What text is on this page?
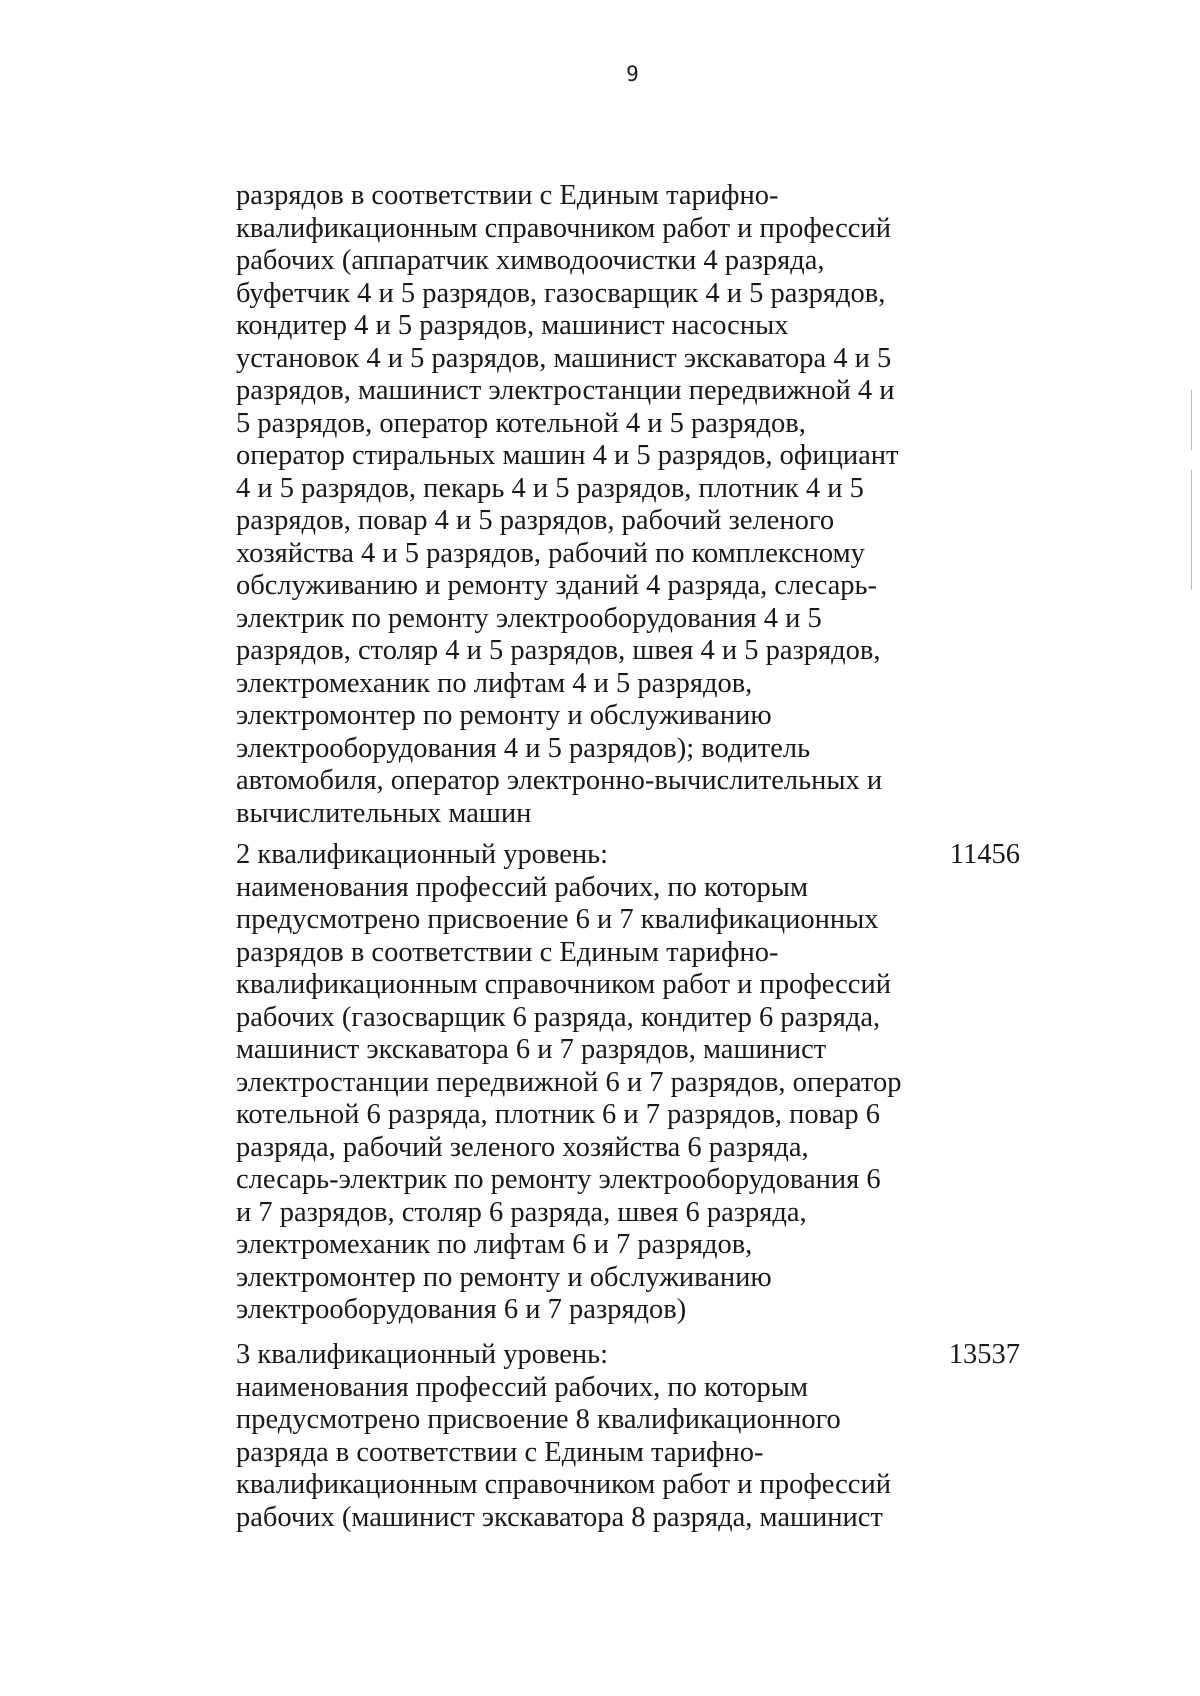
9
разрядов в соответствии с Единым тарифно-
квалификационным справочником работ и профессий
рабочих (аппаратчик химводоочистки 4 разряда,
буфетчик 4 и 5 разрядов, газосварщик 4 и 5 разрядов,
кондитер 4 и 5 разрядов, машинист насосных
установок 4 и 5 разрядов, машинист экскаватора 4 и 5
разрядов, машинист электростанции передвижной 4 и
5 разрядов, оператор котельной 4 и 5 разрядов,
оператор стиральных машин 4 и 5 разрядов, официант
4 и 5 разрядов, пекарь 4 и 5 разрядов, плотник 4 и 5
разрядов, повар 4 и 5 разрядов, рабочий зеленого
хозяйства 4 и 5 разрядов, рабочий по комплексному
обслуживанию и ремонту зданий 4 разряда, слесарь-
электрик по ремонту электрооборудования 4 и 5
разрядов, столяр 4 и 5 разрядов, швея 4 и 5 разрядов,
электромеханик по лифтам 4 и 5 разрядов,
электромонтер по ремонту и обслуживанию
электрооборудования 4 и 5 разрядов); водитель
автомобиля, оператор электронно-вычислительных и
вычислительных машин
2 квалификационный уровень:
наименования профессий рабочих, по которым
предусмотрено присвоение 6 и 7 квалификационных
разрядов в соответствии с Единым тарифно-
квалификационным справочником работ и профессий
рабочих (газосварщик 6 разряда, кондитер 6 разряда,
машинист экскаватора 6 и 7 разрядов, машинист
электростанции передвижной 6 и 7 разрядов, оператор
котельной 6 разряда, плотник 6 и 7 разрядов, повар 6
разряда, рабочий зеленого хозяйства 6 разряда,
слесарь-электрик по ремонту электрооборудования 6
и 7 разрядов, столяр 6 разряда, швея 6 разряда,
электромеханик по лифтам 6 и 7 разрядов,
электромонтер по ремонту и обслуживанию
электрооборудования 6 и 7 разрядов)
11456
3 квалификационный уровень:
наименования профессий рабочих, по которым
предусмотрено присвоение 8 квалификационного
разряда в соответствии с Единым тарифно-
квалификационным справочником работ и профессий
рабочих (машинист экскаватора 8 разряда, машинист
13537
